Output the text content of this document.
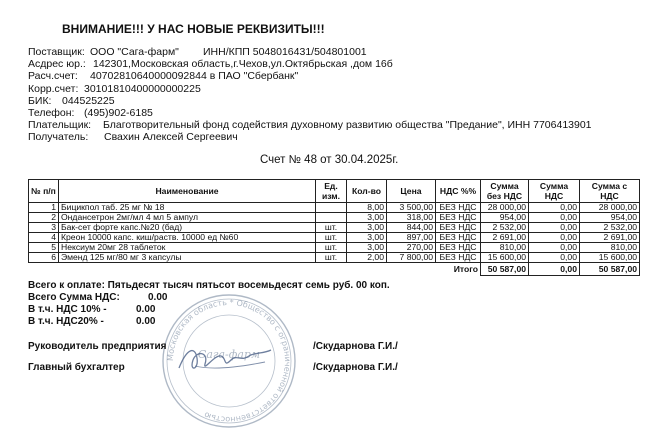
ВНИМАНИЕ!!! У НАС НОВЫЕ РЕКВИЗИТЫ!!!
Поставщик: ООО "Сага-фарм" ИНН/КПП 5048016431/504801001
Асдрес юр.: 142301,Московская область,г.Чехов,ул.Октябрьская ,дом 16б
Расч.счет: 40702810640000092844 в ПАО "Сбербанк"
Корр.счет: 30101810400000000225
БИК: 044525225
Телефон: (495)902-6185
Плательщик: Благотворительный фонд содействия духовному развитию общества "Предание", ИНН 7706413901
Получатель: Свахин Алексей Сергеевич
Счет № 48 от 30.04.2025г.
№ п/п	Наименование	Ед. изм.	Кол-во	Цена	НДС %%	Сумма без НДС	Сумма НДС	Сумма с НДС
1	Бицикпол таб. 25 мг № 18		8,00	3 500,00	БЕЗ НДС	28 000,00	0,00	28 000,00
2	Ондансетрон 2мг/мл 4 мл 5 ампул		3,00	318,00	БЕЗ НДС	954,00	0,00	954,00
3	Бак-сет форте капс.№20 (бад)	шт.	3,00	844,00	БЕЗ НДС	2 532,00	0,00	2 532,00
4	Креон 10000 капс. киш/раств. 10000 ед №60	шт.	3,00	897,00	БЕЗ НДС	2 691,00	0,00	2 691,00
5	Нексиум 20мг 28 таблеток	шт.	3,00	270,00	БЕЗ НДС	810,00	0,00	810,00
6	Эменд 125 мг/80 мг 3 капсулы	шт.	2,00	7 800,00	БЕЗ НДС	15 600,00	0,00	15 600,00
Итого						50 587,00	0,00	50 587,00
Всего к оплате: Пятьдесят тысяч пятьсот восемьдесят семь руб. 00 коп.
Всего Сумма НДС:	0.00
В т.ч. НДС 10% -	0.00
В т.ч. НДС20% -	0.00
Московская область * Общество с ограниченной ответственностью
Сага-фарм
Руководитель предприятия	/Скударнова Г.И./
Главный бухгалтер	/Скударнова Г.И./
